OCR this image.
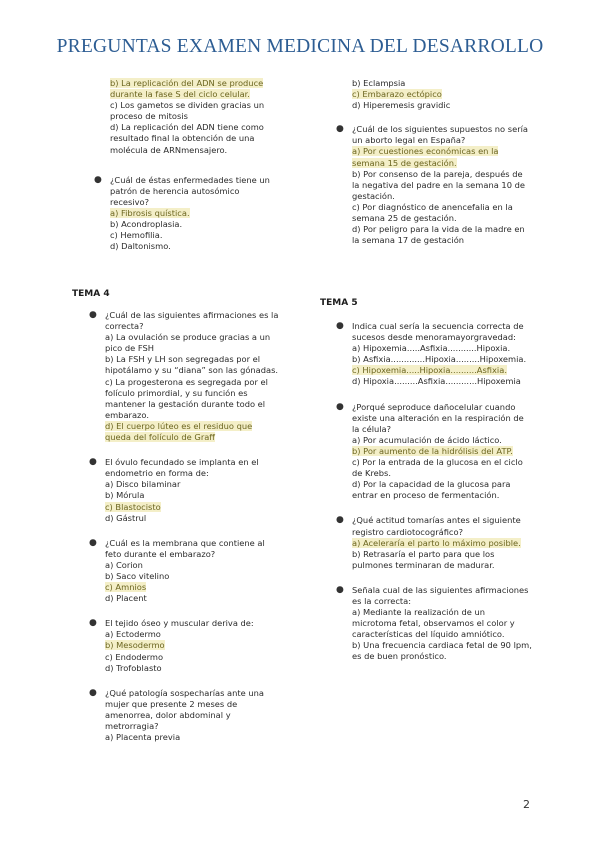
PREGUNTAS EXAMEN MEDICINA DEL DESARROLLO

b) La replicación del ADN se produce durante la fase S del ciclo celular.

c) Los gametos se dividen gracias un proceso de mitosis

d) La replicación del ADN tiene como resultado final la obtención de una molécula de ARNmensajero.

● ¿Cuál de éstas enfermedades tiene un patrón de herencia autosómico recesivo?

a) Fibrosis quística.

b) Acondroplasia.

c) Hemofilia.

d) Daltonismo.

TEMA 4
● ¿Cuál de las siguientes afirmaciones es la correcta?

a) La ovulación se produce gracias a un pico de FSH

b) La FSH y LH son segregadas por el hipotálamo y su “diana” son las gónadas.

c) La progesterona es segregada por el folículo primordial, y su función es mantener la gestación durante todo el embarazo.

d) El cuerpo lúteo es el residuo que queda del folículo de Graff

● El óvulo fecundado se implanta en el endometrio en forma de:

a) Disco bilaminar

b) Mórula

c) Blastocisto

d) Gástrul

● ¿Cuál es la membrana que contiene al feto durante el embarazo?

a) Corion

b) Saco vitelino

c) Amnios

d) Placent

● El tejido óseo y muscular deriva de:

a) Ectodermo

b) Mesodermo

c) Endodermo

d) Trofoblasto

● ¿Qué patología sospecharías ante una mujer que presente 2 meses de amenorrea, dolor abdominal y metrorragia?

a) Placenta previa

b) Eclampsia

c) Embarazo ectópico

d) Hiperemesis gravidic

● ¿Cuál de los siguientes supuestos no sería un aborto legal en España?

a) Por cuestiones económicas en la semana 15 de gestación.

b) Por consenso de la pareja, después de la negativa del padre en la semana 10 de gestación.

c) Por diagnóstico de anencefalia en la semana 25 de gestación.

d) Por peligro para la vida de la madre en la semana 17 de gestación

TEMA 5
● Indica cual sería la secuencia correcta de sucesos desde menoramayorgravedad:

a) Hipoxemia.....Asfixia...........Hipoxia.

b) Asfixia.............Hipoxia.........Hipoxemia.

c) Hipoxemia.....Hipoxia..........Asfixia.

d) Hipoxia.........Asfixia............Hipoxemia

● ¿Porqué seproduce dañocelular cuando existe una alteración en la respiración de la célula?

a) Por acumulación de ácido láctico.

b) Por aumento de la hidrólisis del ATP.

c) Por la entrada de la glucosa en el ciclo de Krebs.

d) Por la capacidad de la glucosa para entrar en proceso de fermentación.

● ¿Qué actitud tomarías antes el siguiente registro cardiotocográfico?

a) Aceleraría el parto lo máximo posible.

b) Retrasaría el parto para que los pulmones terminaran de madurar.

● Señala cual de las siguientes afirmaciones es la correcta:

a) Mediante la realización de un microtoma fetal, observamos el color y características del líquido amniótico.

b) Una frecuencia cardiaca fetal de 90 lpm, es de buen pronóstico.

2
